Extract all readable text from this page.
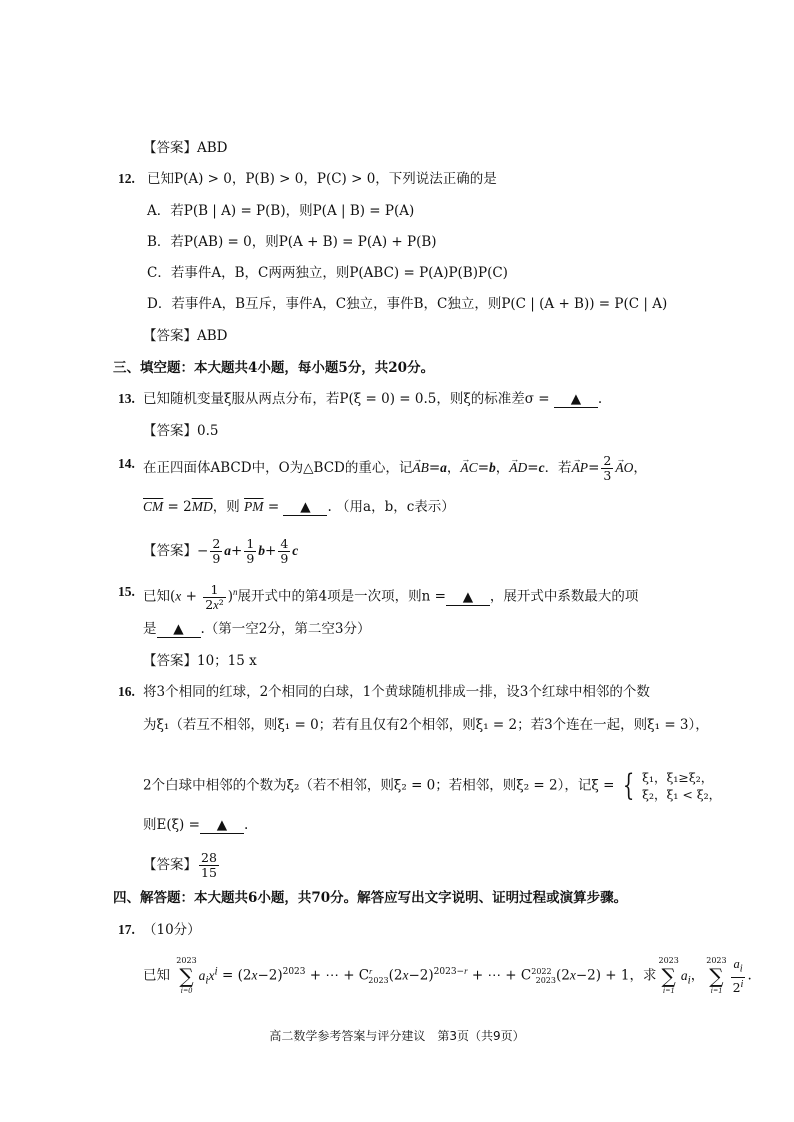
【答案】ABD
12. 已知P(A) > 0，P(B) > 0，P(C) > 0，下列说法正确的是
A．若P(B | A) = P(B)，则P(A | B) = P(A)
B．若P(AB) = 0，则P(A + B) = P(A) + P(B)
C．若事件A，B，C两两独立，则P(ABC) = P(A)P(B)P(C)
D．若事件A，B互斥，事件A，C独立，事件B，C独立，则P(C | (A + B)) = P(C | A)
【答案】ABD
三、填空题：本大题共4小题，每小题5分，共20分。
13. 已知随机变量ξ服从两点分布，若P(ξ = 0) = 0.5，则ξ的标准差σ = ▲ .
【答案】0.5
14. 在正四面体ABCD中，O为△BCD的重心，记→ AB=a，→ AC=b，→ AD=c．若→ $AP= \frac{2}{3}$ → AO，
$\overline{CM} = 2\overline{MD}$，则 $\overline{PM}$ = ▲ . （用a，b，c表示）
【答案】− $\frac{2}{9} a+ \frac{1}{9} b+ \frac{4}{9}$ c
15. 已知$(x + \frac{1}{\text{2x²}} )^n$展开式中的第4项是一次项，则n = ▲ ，展开式中系数最大的项
是 ▲ .（第一空2分，第二空3分）
【答案】10；15 x
16. 将3个相同的红球，2个相同的白球，1个黄球随机排成一排，设3个红球中相邻的个数
为ξ₁（若互不相邻，则ξ₁ = 0；若有且仅有2个相邻，则ξ₁ = 2；若3个连在一起，则ξ₁ = 3），
2个白球中相邻的个数为ξ₂（若不相邻，则ξ₂ = 0；若相邻，则ξ₂ = 2），记ξ = { ξ₁，ξ₁≥ξ₂，
ξ₂，ξ₁ < ξ₂，
则E(ξ) = ▲ .
【答案】 $\frac{28}{15}$
四、解答题：本大题共6小题，共70分。解答应写出文字说明、证明过程或演算步骤。
17. （10分）
已知
2023
∑
i=0
$a_ix^i = (2x-2)^{2023}$ + ⋯ + $C^r_{2023}(2x-2)^{2023-r}$ + ⋯ + $C^{2022}_{2023}(2x-2) + 1$，求
2023
∑
i=1
$a_i$，
2023
∑
$i=1 \frac{a_i}{2^i}$ .
高二数学参考答案与评分建议　第3页（共9页）
